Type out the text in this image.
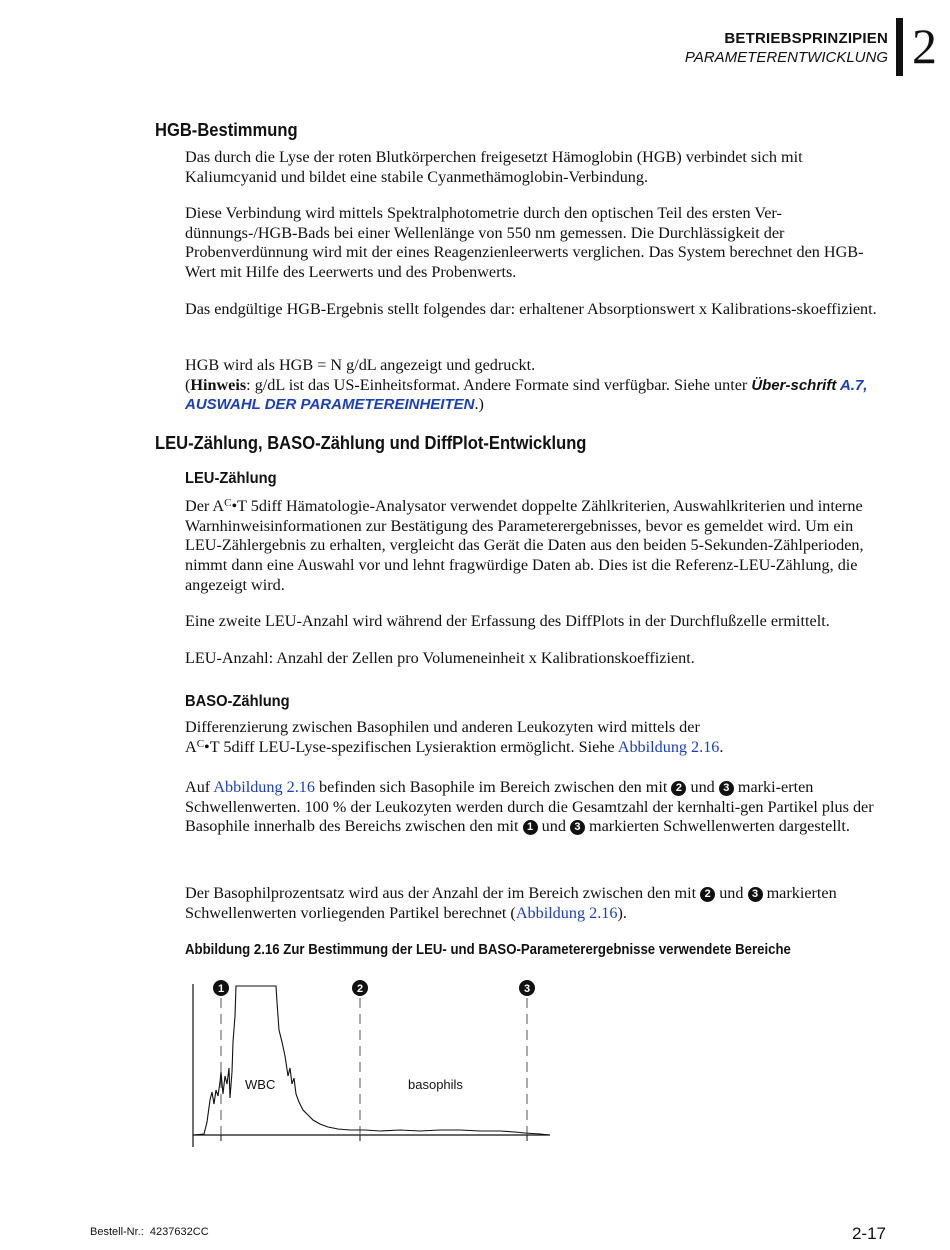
BETRIEBSPRINZIPIEN
PARAMETERENTWICKLUNG 2
HGB-Bestimmung

Das durch die Lyse der roten Blutkörperchen freigesetzt Hämoglobin (HGB) verbindet sich mit Kaliumcyanid und bildet eine stabile Cyanmethämoglobin-Verbindung.

Diese Verbindung wird mittels Spektralphotometrie durch den optischen Teil des ersten Ver-dünnungs-/HGB-Bads bei einer Wellenlänge von 550 nm gemessen. Die Durchlässigkeit der Probenverdünnung wird mit der eines Reagenzienleerwerts verglichen. Das System berechnet den HGB-Wert mit Hilfe des Leerwerts und des Probenwerts.

Das endgültige HGB-Ergebnis stellt folgendes dar: erhaltener Absorptionswert x Kalibrations-skoeffizient.

HGB wird als HGB = N g/dL angezeigt und gedruckt.
(Hinweis: g/dL ist das US-Einheitsformat. Andere Formate sind verfügbar. Siehe unter Über-schrift A.7, AUSWAHL DER PARAMETEREINHEITEN.)

LEU-Zählung, BASO-Zählung und DiffPlot-Entwicklung
LEU-Zählung

Der $A^C•T$ 5diff Hämatologie-Analysator verwendet doppelte Zählkriterien, Auswahlkriterien und interne Warnhinweisinformationen zur Bestätigung des Parameterergebnisses, bevor es gemeldet wird. Um ein LEU-Zählergebnis zu erhalten, vergleicht das Gerät die Daten aus den beiden 5-Sekunden-Zählperioden, nimmt dann eine Auswahl vor und lehnt fragwürdige Daten ab. Dies ist die Referenz-LEU-Zählung, die angezeigt wird.

Eine zweite LEU-Anzahl wird während der Erfassung des DiffPlots in der Durchflußzelle ermittelt.

LEU-Anzahl: Anzahl der Zellen pro Volumeneinheit x Kalibrationskoeffizient.

BASO-Zählung

Differenzierung zwischen Basophilen und anderen Leukozyten wird mittels der
$A^C•T$ 5diff LEU-Lyse-spezifischen Lysieraktion ermöglicht. Siehe Abbildung 2.16.

Auf Abbildung 2.16 befinden sich Basophile im Bereich zwischen den mit 2 und 3 marki-erten Schwellenwerten. 100 % der Leukozyten werden durch die Gesamtzahl der kernhalti-gen Partikel plus der Basophile innerhalb des Bereichs zwischen den mit 1 und 3 markierten Schwellenwerten dargestellt.

Der Basophilprozentsatz wird aus der Anzahl der im Bereich zwischen den mit 2 und 3 markierten Schwellenwerten vorliegenden Partikel berechnet (Abbildung 2.16).

Abbildung 2.16 Zur Bestimmung der LEU- und BASO-Parameterergebnisse verwendete Bereiche
WBC	basophils
1	2	3
Bestell-Nr.: 4237632CC	2-17
